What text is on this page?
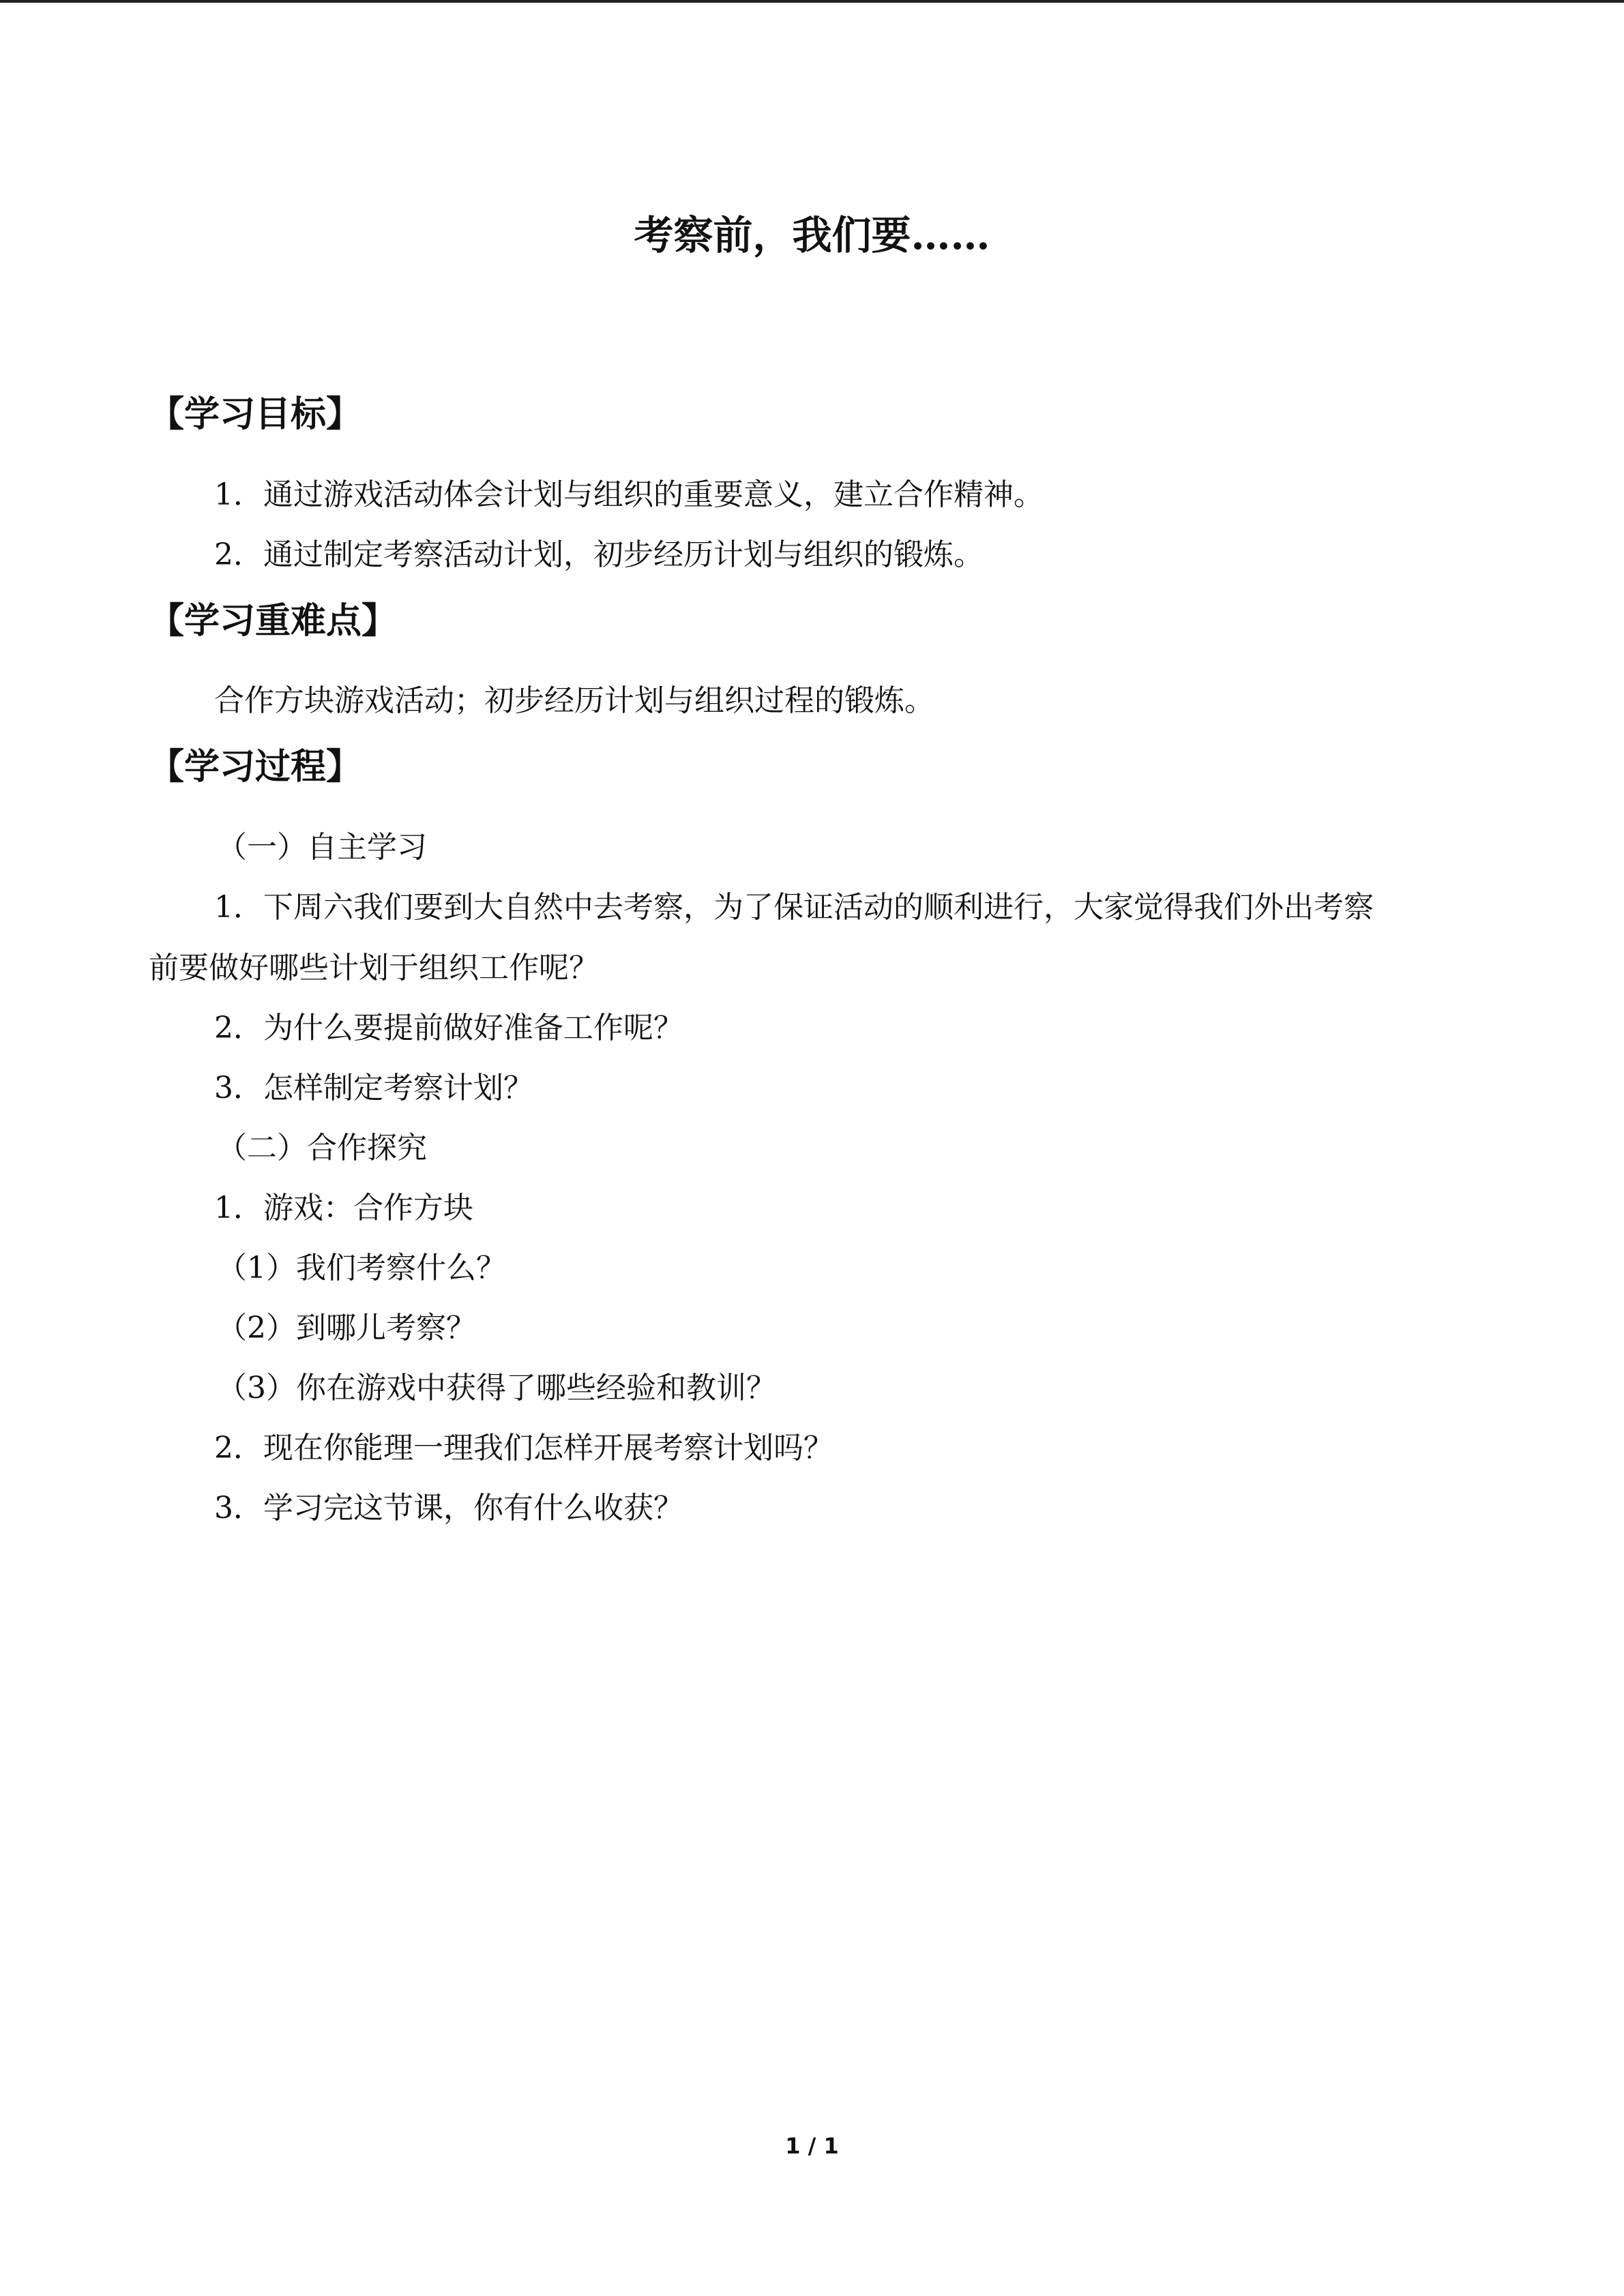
考察前，我们要……
【学习目标】

1．通过游戏活动体会计划与组织的重要意义，建立合作精神。

2．通过制定考察活动计划，初步经历计划与组织的锻炼。

【学习重难点】

合作方块游戏活动；初步经历计划与组织过程的锻炼。

【学习过程】

（一）自主学习

1．下周六我们要到大自然中去考察，为了保证活动的顺利进行，大家觉得我们外出考察

前要做好哪些计划于组织工作呢？

2．为什么要提前做好准备工作呢？

3．怎样制定考察计划？

（二）合作探究

1．游戏：合作方块

（1）我们考察什么？

（2）到哪儿考察？

（3）你在游戏中获得了哪些经验和教训？

2．现在你能理一理我们怎样开展考察计划吗？

3．学习完这节课，你有什么收获？

1 / 1
